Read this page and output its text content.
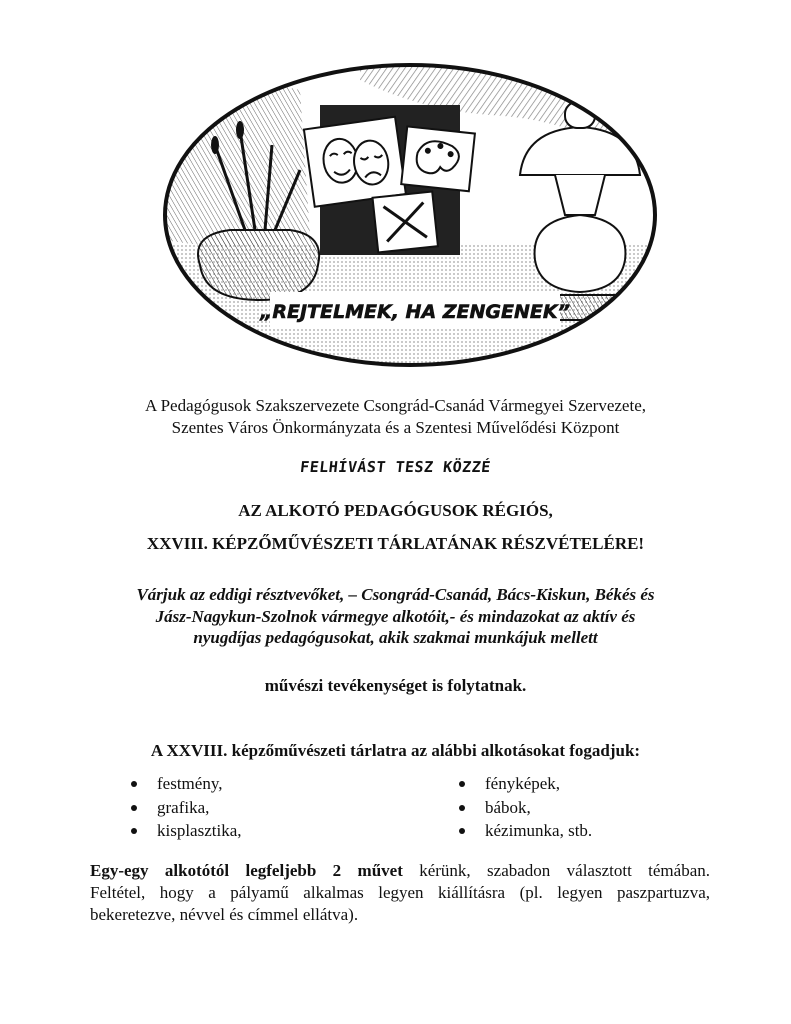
„REJTELMEK, HA ZENGENEK”
A Pedagógusok Szakszervezete Csongrád-Csanád Vármegyei Szervezete,
Szentes Város Önkormányzata és a Szentesi Művelődési Központ
FELHÍVÁST TESZ KÖZZÉ
AZ ALKOTÓ PEDAGÓGUSOK RÉGIÓS,
XXVIII. KÉPZŐMŰVÉSZETI TÁRLATÁNAK RÉSZVÉTELÉRE!

Várjuk az eddigi résztvevőket, – Csongrád-Csanád, Bács-Kiskun, Békés és

Jász-Nagykun-Szolnok vármegye alkotóit,- és mindazokat az aktív és

nyugdíjas pedagógusokat, akik szakmai munkájuk mellett

művészi tevékenységet is folytatnak.
A XXVIII. képzőművészeti tárlatra az alábbi alkotásokat fogadjuk:
festmény,
grafika,
kisplasztika,
fényképek,
bábok,
kézimunka, stb.

Egy-egy alkotótól legfeljebb 2 művet kérünk, szabadon választott témában.

Feltétel, hogy a pályamű alkalmas legyen kiállításra (pl. legyen paszpartuzva,

bekeretezve, névvel és címmel ellátva).
